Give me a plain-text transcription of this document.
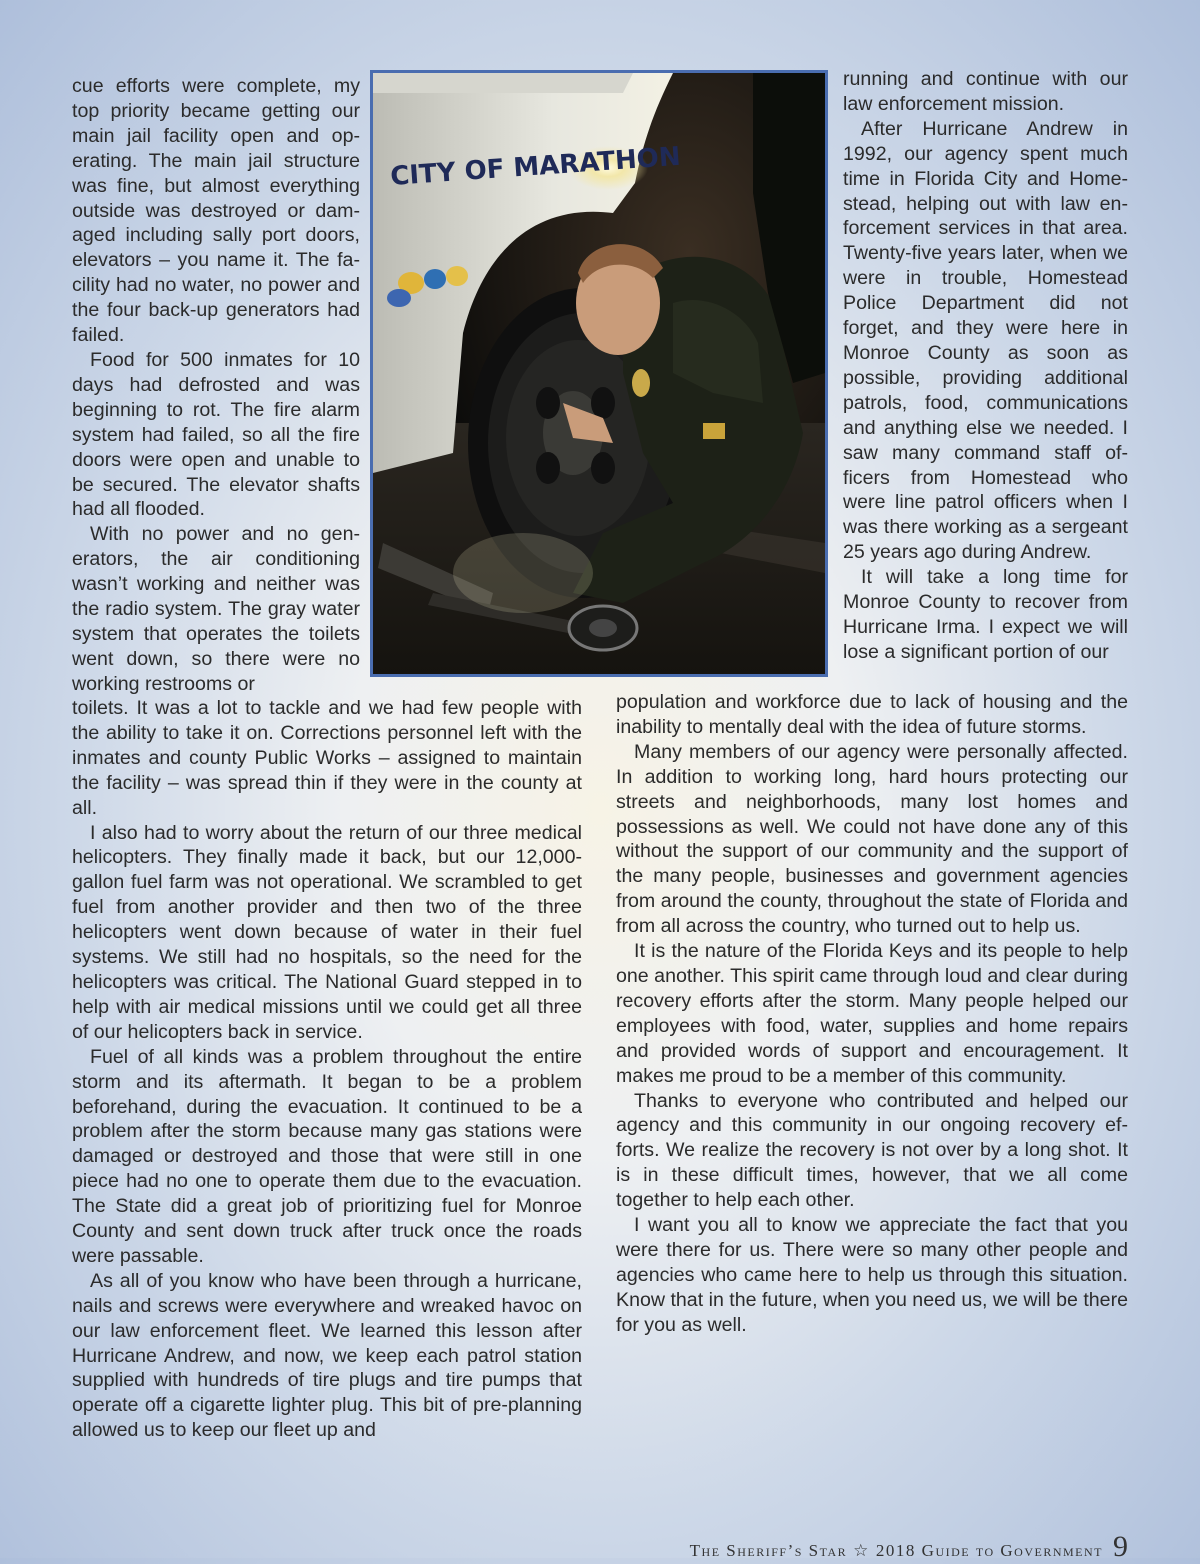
cue efforts were complete, my top priority became getting our main jail facility open and operating. The main jail structure was fine, but almost everything outside was destroyed or damaged including sally port doors, elevators – you name it. The facility had no water, no power and the four back-up generators had failed.

Food for 500 inmates for 10 days had defrosted and was beginning to rot. The fire alarm system had failed, so all the fire doors were open and unable to be secured. The elevator shafts had all flooded.

With no power and no generators, the air conditioning wasn’t working and neither was the radio system. The gray water system that operates the toilets went down, so there were no working restrooms or

CITY OF MARATHON

running and continue with our law enforcement mission.

After Hurricane Andrew in 1992, our agency spent much time in Florida City and Homestead, helping out with law enforcement services in that area. Twenty-five years later, when we were in trouble, Homestead Police Department did not forget, and they were here in Monroe County as soon as possible, providing additional patrols, food, communications and anything else we needed. I saw many command staff officers from Homestead who were line patrol officers when I was there working as a sergeant 25 years ago during Andrew.

It will take a long time for Monroe County to recover from Hurricane Irma. I expect we will lose a significant portion of our

toilets. It was a lot to tackle and we had few people with the ability to take it on. Corrections personnel left with the inmates and county Public Works – assigned to maintain the facility – was spread thin if they were in the county at all.

I also had to worry about the return of our three medical helicopters. They finally made it back, but our 12,000-gallon fuel farm was not operational. We scrambled to get fuel from another provider and then two of the three helicopters went down because of water in their fuel systems. We still had no hospitals, so the need for the helicopters was critical. The National Guard stepped in to help with air medical missions until we could get all three of our helicopters back in service.

Fuel of all kinds was a problem throughout the entire storm and its aftermath. It began to be a problem beforehand, during the evacuation. It continued to be a problem after the storm because many gas stations were damaged or destroyed and those that were still in one piece had no one to operate them due to the evacuation. The State did a great job of prioritizing fuel for Monroe County and sent down truck after truck once the roads were passable.

As all of you know who have been through a hurricane, nails and screws were everywhere and wreaked havoc on our law enforcement fleet. We learned this lesson after Hurricane Andrew, and now, we keep each patrol station supplied with hundreds of tire plugs and tire pumps that operate off a cigarette lighter plug. This bit of pre-planning allowed us to keep our fleet up and

population and workforce due to lack of housing and the inability to mentally deal with the idea of future storms.

Many members of our agency were personally affected. In addition to working long, hard hours protecting our streets and neighborhoods, many lost homes and possessions as well. We could not have done any of this without the support of our community and the support of the many people, businesses and government agencies from around the county, throughout the state of Florida and from all across the country, who turned out to help us.

It is the nature of the Florida Keys and its people to help one another. This spirit came through loud and clear during recovery efforts after the storm. Many people helped our employees with food, water, supplies and home repairs and provided words of support and encouragement. It makes me proud to be a member of this community.

Thanks to everyone who contributed and helped our agency and this community in our ongoing recovery efforts. We realize the recovery is not over by a long shot. It is in these difficult times, however, that we all come together to help each other.

I want you all to know we appreciate the fact that you were there for us. There were so many other people and agencies who came here to help us through this situation. Know that in the future, when you need us, we will be there for you as well.

The Sheriff’s Star ☆ 2018 Guide to Government 9
